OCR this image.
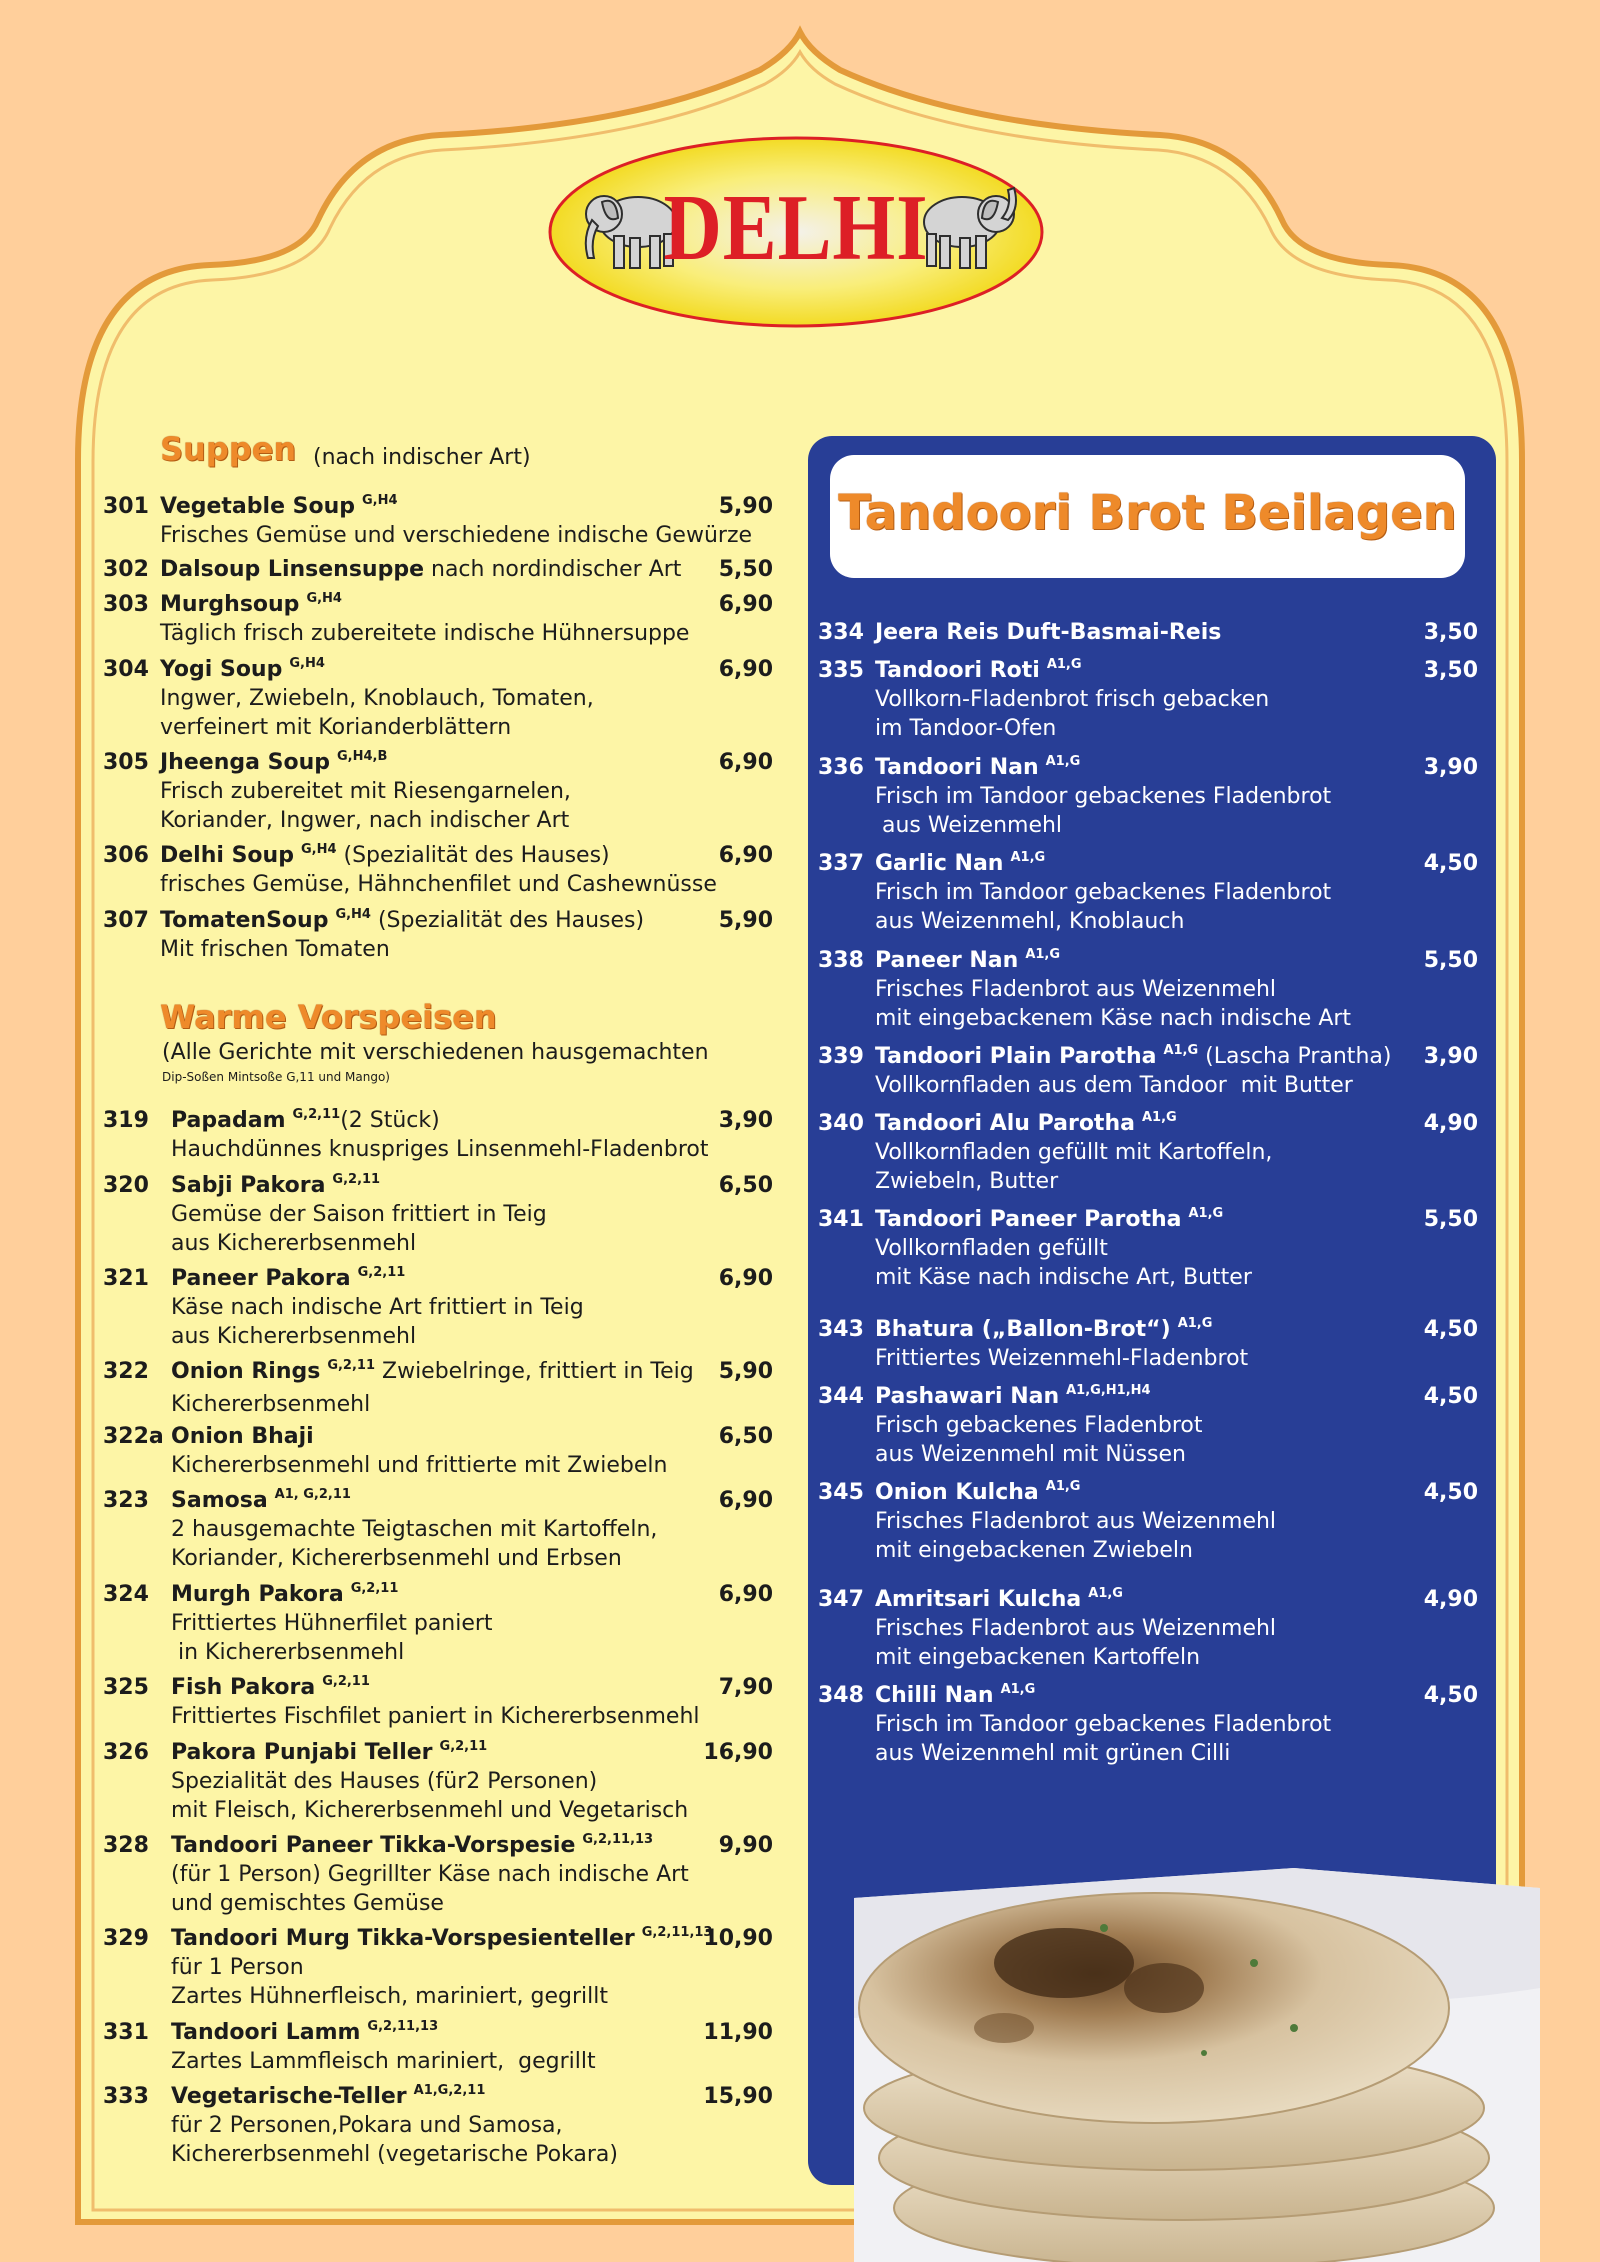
DELHI
Suppen (nach indischer Art)
301 Vegetable Soup $^{G,H4}$
Frisches Gemüse und verschiedene indische Gewürze
5,90
302 Dalsoup Linsensuppe nach nordindischer Art 5,50
303 Murghsoup $^{G,H4}$
Täglich frisch zubereitete indische Hühnersuppe
6,90
304 Yogi Soup $^{G,H4}$
Ingwer, Zwiebeln, Knoblauch, Tomaten,
verfeinert mit Korianderblättern
6,90
305 Jheenga Soup $^{G,H4,B}$
Frisch zubereitet mit Riesengarnelen,
Koriander, Ingwer, nach indischer Art
6,90
306 Delhi Soup $^{G,H4}$ (Spezialität des Hauses)
frisches Gemüse, Hähnchenfilet und Cashewnüsse
6,90
307 TomatenSoup $^{G,H4}$ (Spezialität des Hauses)
Mit frischen Tomaten
5,90
Warme Vorspeisen
(Alle Gerichte mit verschiedenen hausgemachten
Dip-Soßen Mintsoße G,11 und Mango)
319 Papadam $^{G,2,11}$(2 Stück)
Hauchdünnes knuspriges Linsenmehl-Fladenbrot
3,90
320 Sabji Pakora $^{G,2,11}$
Gemüse der Saison frittiert in Teig
aus Kichererbsenmehl
6,50
321 Paneer Pakora $^{G,2,11}$
Käse nach indische Art frittiert in Teig
aus Kichererbsenmehl
6,90
322 Onion Rings $^{G,2,11}$ Zwiebelringe, frittiert in Teig
Kichererbsenmehl
5,90
322a Onion Bhaji
Kichererbsenmehl und frittierte mit Zwiebeln
6,50
323 Samosa $^{A1, G,2,11}$
2 hausgemachte Teigtaschen mit Kartoffeln,
Koriander, Kichererbsenmehl und Erbsen
6,90
324 Murgh Pakora $^{G,2,11}$
Frittiertes Hühnerfilet paniert
in Kichererbsenmehl
6,90
325 Fish Pakora $^{G,2,11}$
Frittiertes Fischfilet paniert in Kichererbsenmehl
7,90
326 Pakora Punjabi Teller $^{G,2,11}$
Spezialität des Hauses (für2 Personen)
mit Fleisch, Kichererbsenmehl und Vegetarisch
16,90
328 Tandoori Paneer Tikka-Vorspesie $^{G,2,11,13}$
(für 1 Person) Gegrillter Käse nach indische Art
und gemischtes Gemüse
9,90
329 Tandoori Murg Tikka-Vorspesienteller $^{G,2,11,13}$
für 1 Person
Zartes Hühnerfleisch, mariniert, gegrillt
10,90
331 Tandoori Lamm $^{G,2,11,13}$
Zartes Lammfleisch mariniert,  gegrillt
11,90
333 Vegetarische-Teller $^{A1,G,2,11}$
für 2 Personen,Pokara und Samosa,
Kichererbsenmehl (vegetarische Pokara)
15,90
Tandoori Brot Beilagen
334 Jeera Reis Duft-Basmai-Reis	3,50
335 Tandoori Roti $^{A1,G}$
Vollkorn-Fladenbrot frisch gebacken
im Tandoor-Ofen
3,50
336 Tandoori Nan $^{A1,G}$
Frisch im Tandoor gebackenes Fladenbrot
aus Weizenmehl
3,90
337 Garlic Nan $^{A1,G}$
Frisch im Tandoor gebackenes Fladenbrot
aus Weizenmehl, Knoblauch
4,50
338 Paneer Nan $^{A1,G}$
Frisches Fladenbrot aus Weizenmehl
mit eingebackenem Käse nach indische Art
5,50
339 Tandoori Plain Parotha $^{A1,G}$ (Lascha Prantha)
Vollkornfladen aus dem Tandoor  mit Butter
3,90
340 Tandoori Alu Parotha $^{A1,G}$
Vollkornfladen gefüllt mit Kartoffeln,
Zwiebeln, Butter
4,90
341 Tandoori Paneer Parotha $^{A1,G}$
Vollkornfladen gefüllt
mit Käse nach indische Art, Butter
5,50
343 Bhatura („Ballon-Brot“) $^{A1,G}$
Frittiertes Weizenmehl-Fladenbrot
4,50
344 Pashawari Nan $^{A1,G,H1,H4}$
Frisch gebackenes Fladenbrot
aus Weizenmehl mit Nüssen
4,50
345 Onion Kulcha $^{A1,G}$
Frisches Fladenbrot aus Weizenmehl
mit eingebackenen Zwiebeln
4,50
347 Amritsari Kulcha $^{A1,G}$
Frisches Fladenbrot aus Weizenmehl
mit eingebackenen Kartoffeln
4,90
348 Chilli Nan $^{A1,G}$
Frisch im Tandoor gebackenes Fladenbrot
aus Weizenmehl mit grünen Cilli
4,50
